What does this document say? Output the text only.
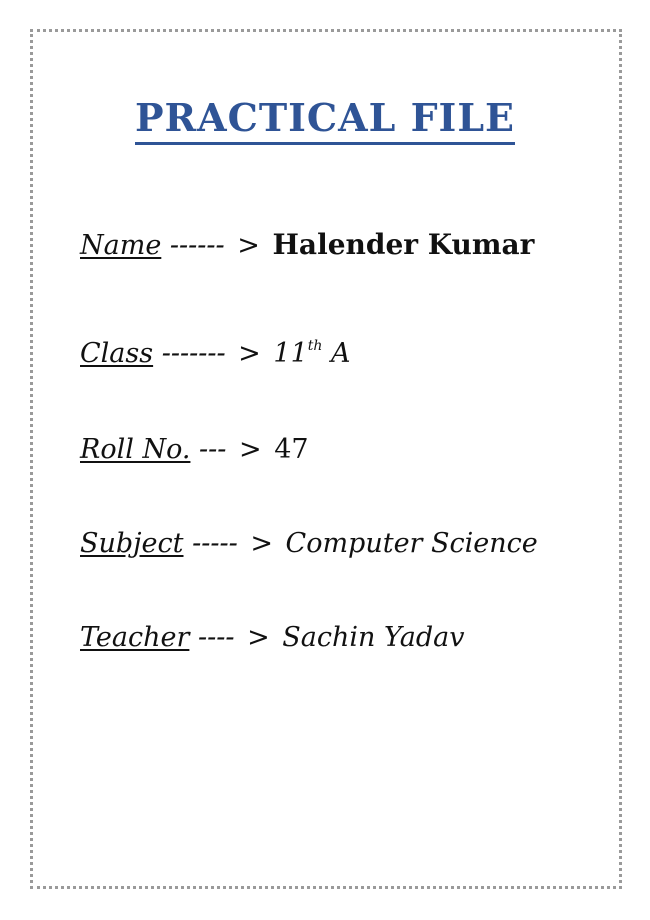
PRACTICAL FILE
Name ------ > Halender Kumar
Class ------- > 11th A
Roll No. --- > 47
Subject ----- > Computer Science
Teacher ---- > Sachin Yadav
